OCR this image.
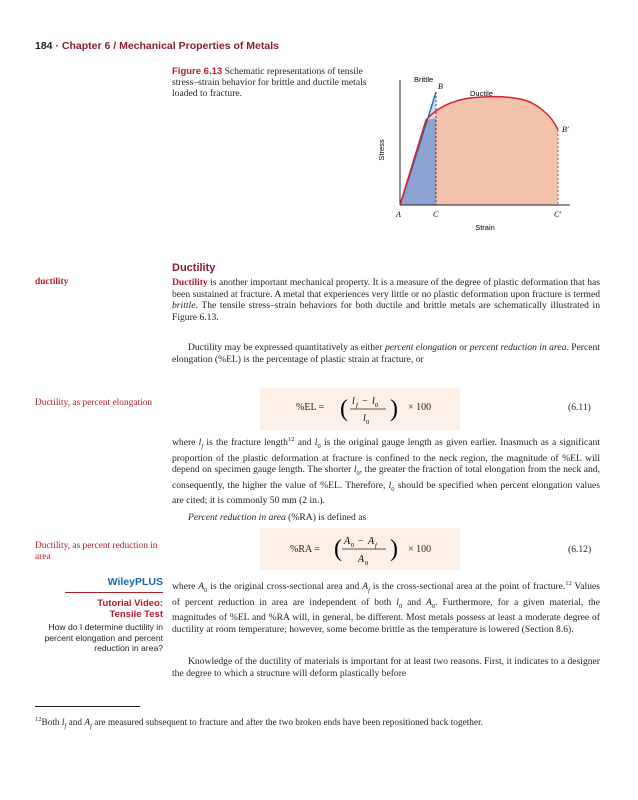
184 · Chapter 6 / Mechanical Properties of Metals
Figure 6.13 Schematic representations of tensile stress–strain behavior for brittle and ductile metals loaded to fracture.
Stress
Strain
Brittle
Ductile
B
B′
A	C	C′
Ductility
ductility	Ductility is another important mechanical property. It is a measure of the degree of plastic deformation that has been sustained at fracture. A metal that experiences very little or no plastic deformation upon fracture is termed brittle. The tensile stress–strain behaviors for both ductile and brittle metals are schematically illustrated in Figure 6.13.
Ductility may be expressed quantitatively as either percent elongation or percent reduction in area. Percent elongation (%EL) is the percentage of plastic strain at fracture, or
Ductility, as percent elongation	%EL = ( )
l f − l 0
l 0
× 100	(6.11)
where $l_f$ is the fracture length$^{12}$ and $l_0$ is the original gauge length as given earlier. Inasmuch as a significant proportion of the plastic deformation at fracture is confined to the neck region, the magnitude of %EL will depend on specimen gauge length. The shorter $l_0$, the greater the fraction of total elongation from the neck and, consequently, the higher the value of %EL. Therefore, $l_0$ should be specified when percent elongation values are cited; it is commonly 50 mm (2 in.).
Percent reduction in area (%RA) is defined as
Ductility, as percent reduction in area
%RA = ( )
A 0 − A f
A 0
× 100	(6.12)
WileyPLUS
Tutorial Video:
Tensile Test
How do I determine ductility in percent elongation and percent reduction in area?
where $A_0$ is the original cross-sectional area and $A_f$ is the cross-sectional area at the point of fracture.$^{12}$ Values of percent reduction in area are independent of both $l_0$ and $A_0$. Furthermore, for a given material, the magnitudes of %EL and %RA will, in general, be different. Most metals possess at least a moderate degree of ductility at room temperature; however, some become brittle as the temperature is lowered (Section 8.6).
Knowledge of the ductility of materials is important for at least two reasons. First, it indicates to a designer the degree to which a structure will deform plastically before
$^{12}$Both $l_f$ and $A_f$ are measured subsequent to fracture and after the two broken ends have been repositioned back together.
